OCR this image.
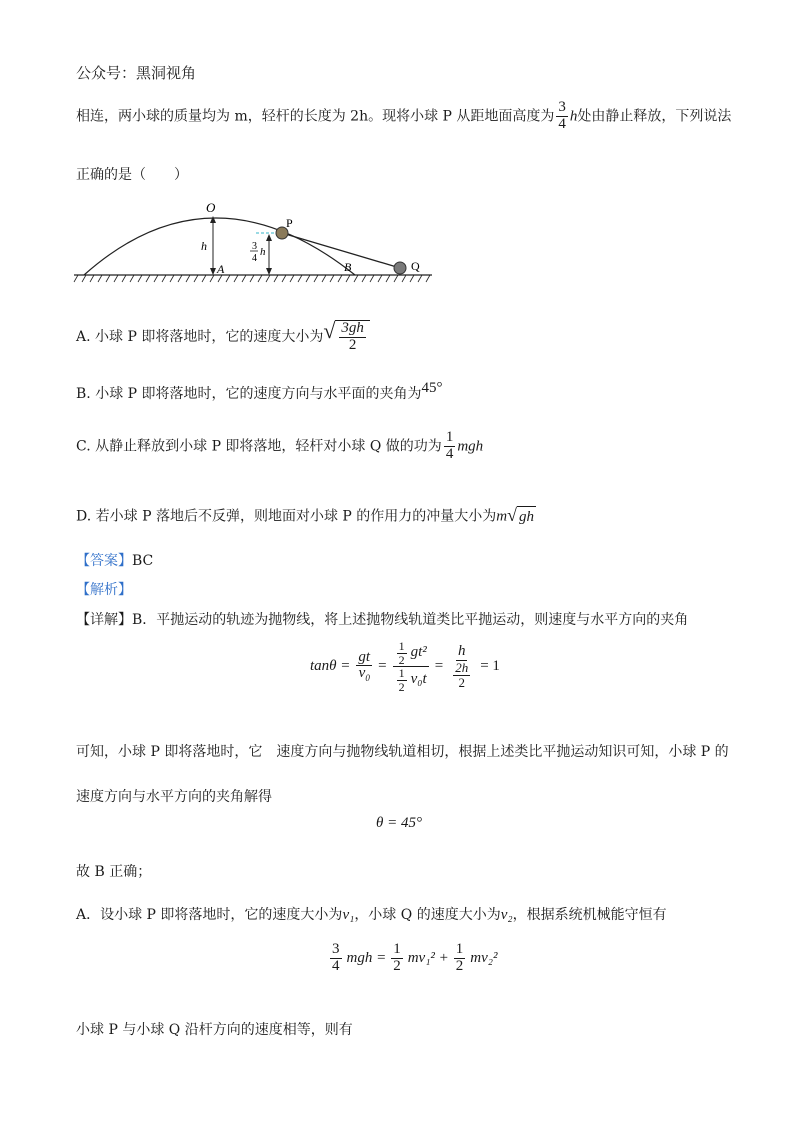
公众号：黑洞视角
相连，两小球的质量均为 m，轻杆的长度为 2h。现将小球 P 从距地面高度为 $\frac{3}{4}$ h处由静止释放，下列说法
正确的是（　　）
O
h
A
P
3
4
h
B	Q
A. 小球 P 即将落地时，它的速度大小为 √ $\frac{3gh}{2}$
B. 小球 P 即将落地时，它的速度方向与水平面的夹角为45°
C. 从静止释放到小球 P 即将落地，轻杆对小球 Q 做的功为 $\frac{1}{4}$ mgh
D. 若小球 P 落地后不反弹，则地面对小球 P 的作用力的冲量大小为m √ gh
【答案】BC
【解析】
【详解】B．平抛运动的轨迹为抛物线，将上述抛物线轨道类比平抛运动，则速度与水平方向的夹角
$\tan\theta = \frac{gt}{v_0} = \frac{\frac{1}{2} gt^2}{\frac{1}{2} v_0t} = \frac{h}{\frac{2h}{2}} = 1$
可知，小球 P 即将落地时，它　速度方向与抛物线轨道相切，根据上述类比平抛运动知识可知，小球 P 的
速度方向与水平方向的夹角解得
θ = 45°
故 B 正确；
A．设小球 P 即将落地时，它的速度大小为v₁，小球 Q 的速度大小为v₂，根据系统机械能守恒有
$\frac{3}{4}$ mgh = $\frac{1}{2} mv_1^2 + \frac{1}{2} mv_2^2$
小球 P 与小球 Q 沿杆方向的速度相等，则有
